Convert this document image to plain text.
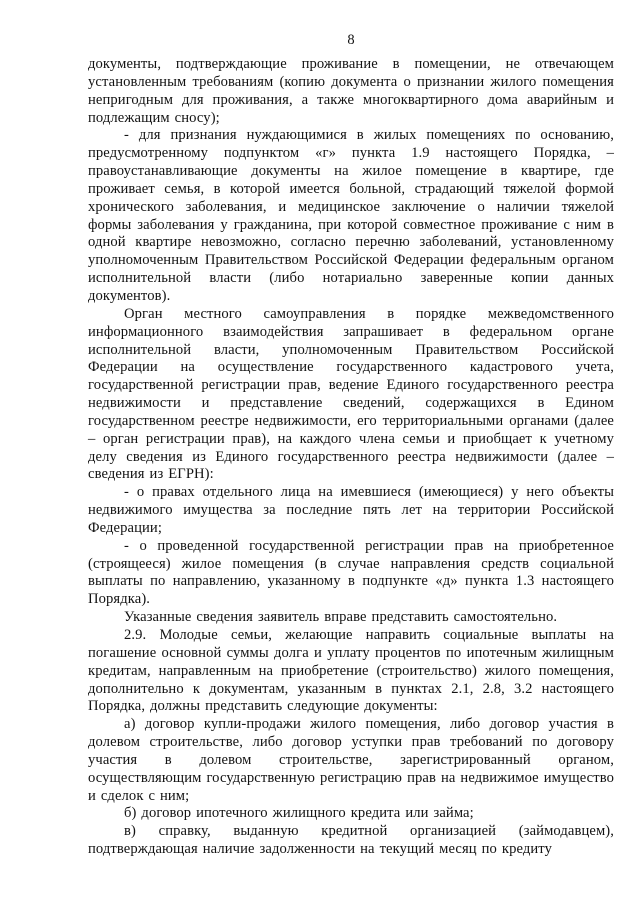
8

документы, подтверждающие проживание в помещении, не отвечающем установленным требованиям (копию документа о признании жилого помещения непригодным для проживания, а также многоквартирного дома аварийным и подлежащим сносу);

- для признания нуждающимися в жилых помещениях по основанию, предусмотренному подпунктом «г» пункта 1.9 настоящего Порядка, – правоустанавливающие документы на жилое помещение в квартире, где проживает семья, в которой имеется больной, страдающий тяжелой формой хронического заболевания, и медицинское заключение о наличии тяжелой формы заболевания у гражданина, при которой совместное проживание с ним в одной квартире невозможно, согласно перечню заболеваний, установленному уполномоченным Правительством Российской Федерации федеральным органом исполнительной власти (либо нотариально заверенные копии данных документов).

Орган местного самоуправления в порядке межведомственного информационного взаимодействия запрашивает в федеральном органе исполнительной власти, уполномоченным Правительством Российской Федерации на осуществление государственного кадастрового учета, государственной регистрации прав, ведение Единого государственного реестра недвижимости и представление сведений, содержащихся в Едином государственном реестре недвижимости, его территориальными органами (далее – орган регистрации прав), на каждого члена семьи и приобщает к учетному делу сведения из Единого государственного реестра недвижимости (далее – сведения из ЕГРН):

- о правах отдельного лица на имевшиеся (имеющиеся) у него объекты недвижимого имущества за последние пять лет на территории Российской Федерации;

- о проведенной государственной регистрации прав на приобретенное (строящееся) жилое помещения (в случае направления средств социальной выплаты по направлению, указанному в подпункте «д» пункта 1.3 настоящего Порядка).

Указанные сведения заявитель вправе представить самостоятельно.

2.9. Молодые семьи, желающие направить социальные выплаты на погашение основной суммы долга и уплату процентов по ипотечным жилищным кредитам, направленным на приобретение (строительство) жилого помещения, дополнительно к документам, указанным в пунктах 2.1, 2.8, 3.2 настоящего Порядка, должны представить следующие документы:

а) договор купли-продажи жилого помещения, либо договор участия в долевом строительстве, либо договор уступки прав требований по договору участия в долевом строительстве, зарегистрированный органом, осуществляющим государственную регистрацию прав на недвижимое имущество и сделок с ним;

б) договор ипотечного жилищного кредита или займа;

в) справку, выданную кредитной организацией (займодавцем), подтверждающая наличие задолженности на текущий месяц по кредиту
